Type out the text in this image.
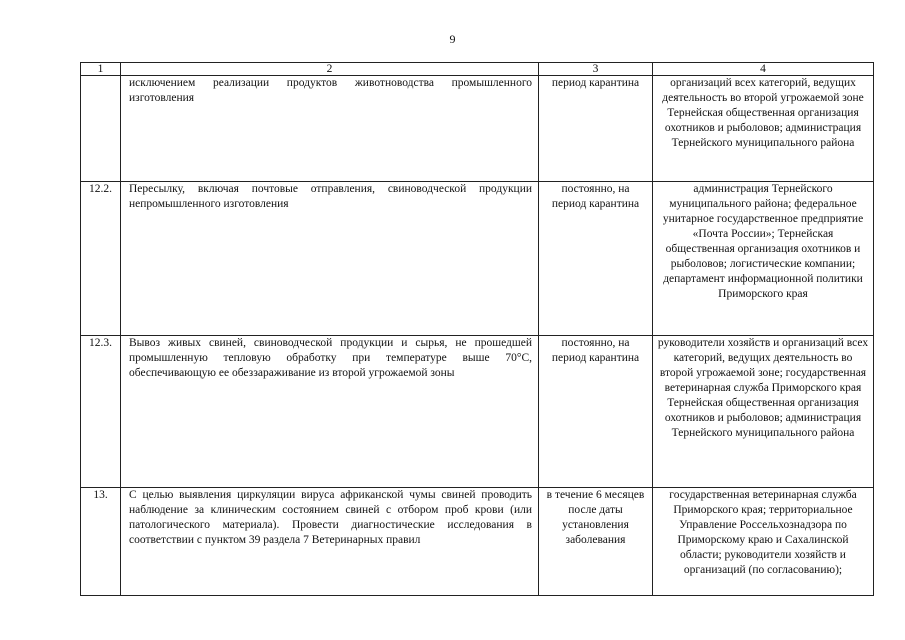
9
1	2	3	4
	исключением реализации продуктов животноводства промышленного изготовления	период карантина	организаций всех категорий, ведущих деятельность во второй угрожаемой зоне Тернейская общественная организация охотников и рыболовов; администрация Тернейского муниципального района
12.2.	Пересылку, включая почтовые отправления, свиноводческой продукции непромышленного изготовления	постоянно, на период карантина	администрация Тернейского муниципального района; федеральное унитарное государственное предприятие «Почта России»; Тернейская общественная организация охотников и рыболовов; логистические компании; департамент информационной политики Приморского края
12.3.	Вывоз живых свиней, свиноводческой продукции и сырья, не прошедшей промышленную тепловую обработку при температуре выше 70°С, обеспечивающую ее обеззараживание из второй угрожаемой зоны	постоянно, на период карантина	руководители хозяйств и организаций всех категорий, ведущих деятельность во второй угрожаемой зоне; государственная ветеринарная служба Приморского края Тернейская общественная организация охотников и рыболовов; администрация Тернейского муниципального района
13.	С целью выявления циркуляции вируса африканской чумы свиней проводить наблюдение за клиническим состоянием свиней с отбором проб крови (или патологического материала). Провести диагностические исследования в соответствии с пунктом 39 раздела 7 Ветеринарных правил	в течение 6 месяцев после даты установления заболевания	государственная ветеринарная служба Приморского края; территориальное Управление Россельхознадзора по Приморскому краю и Сахалинской области; руководители хозяйств и организаций (по согласованию);
